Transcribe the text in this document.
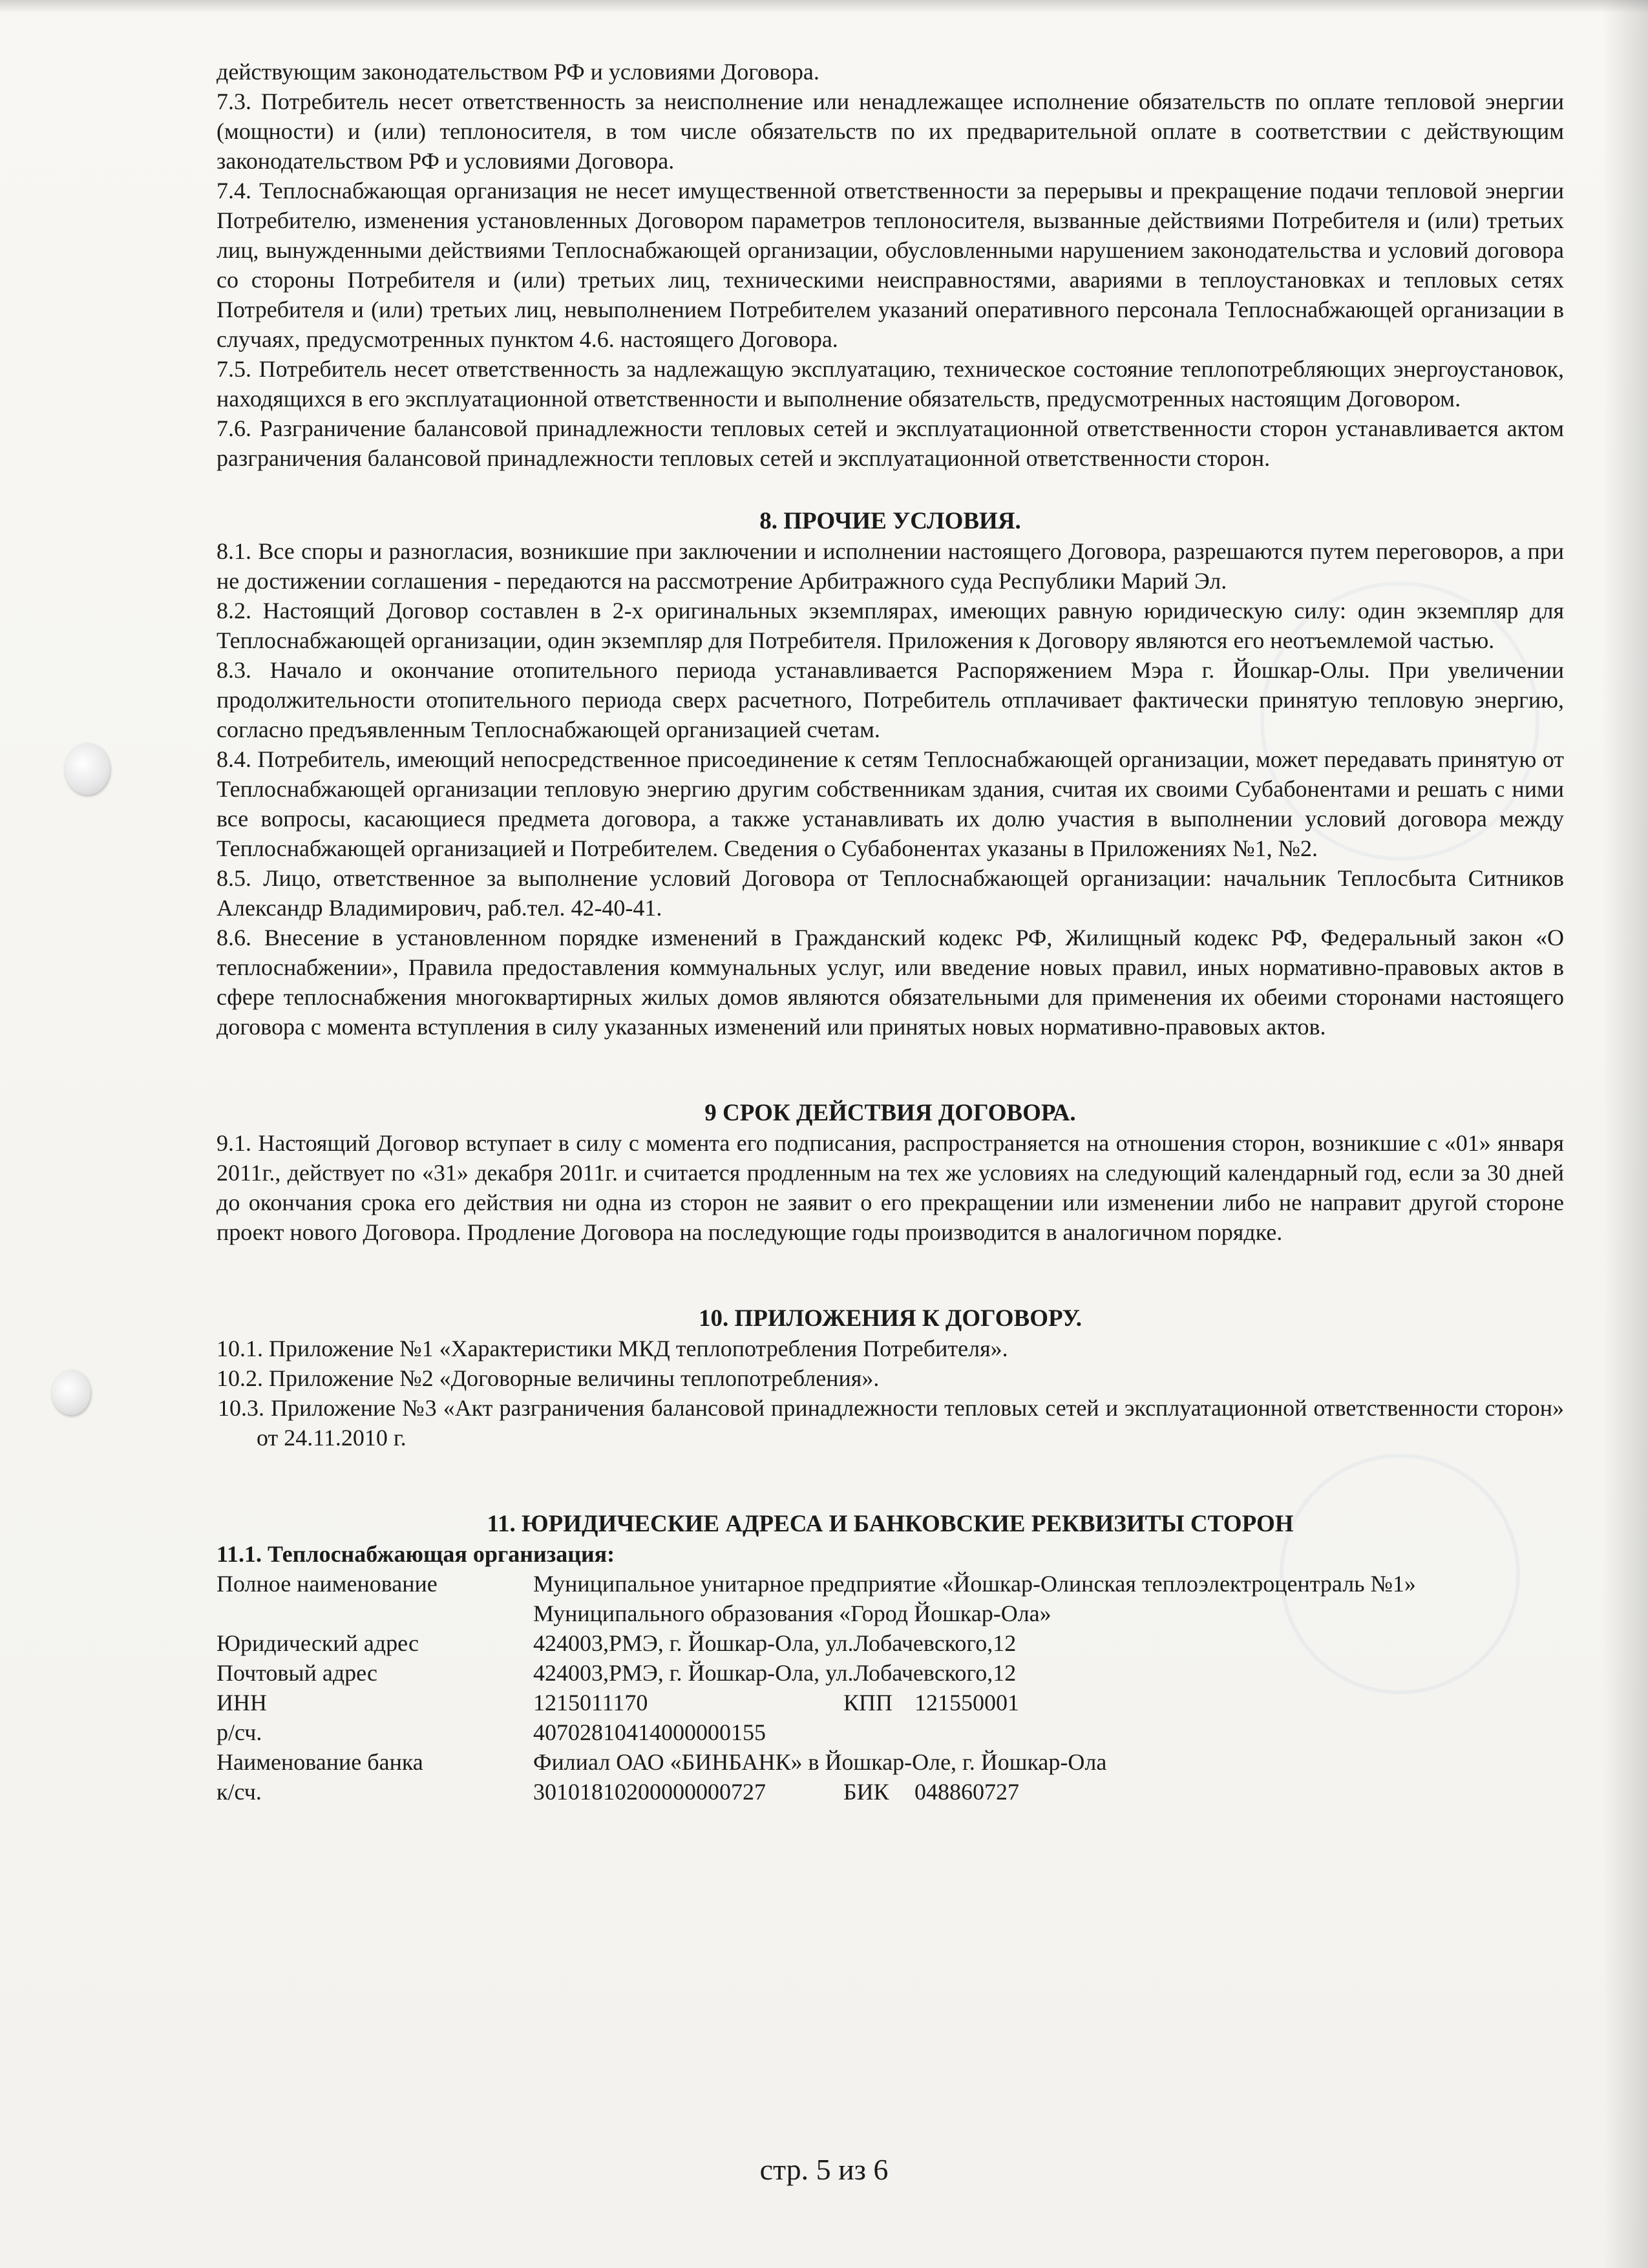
действующим законодательством РФ и условиями Договора.

7.3. Потребитель несет ответственность за неисполнение или ненадлежащее исполнение обязательств по оплате тепловой энергии (мощности) и (или) теплоносителя, в том числе обязательств по их предварительной оплате в соответствии с действующим законодательством РФ и условиями Договора.

7.4. Теплоснабжающая организация не несет имущественной ответственности за перерывы и прекращение подачи тепловой энергии Потребителю, изменения установленных Договором параметров теплоносителя, вызванные действиями Потребителя и (или) третьих лиц, вынужденными действиями Теплоснабжающей организации, обусловленными нарушением законодательства и условий договора со стороны Потребителя и (или) третьих лиц, техническими неисправностями, авариями в теплоустановках и тепловых сетях Потребителя и (или) третьих лиц, невыполнением Потребителем указаний оперативного персонала Теплоснабжающей организации в случаях, предусмотренных пунктом 4.6. настоящего Договора.

7.5. Потребитель несет ответственность за надлежащую эксплуатацию, техническое состояние теплопотребляющих энергоустановок, находящихся в его эксплуатационной ответственности и выполнение обязательств, предусмотренных настоящим Договором.

7.6. Разграничение балансовой принадлежности тепловых сетей и эксплуатационной ответственности сторон устанавливается актом разграничения балансовой принадлежности тепловых сетей и эксплуатационной ответственности сторон.

8. ПРОЧИЕ УСЛОВИЯ.

8.1. Все споры и разногласия, возникшие при заключении и исполнении настоящего Договора, разрешаются путем переговоров, а при не достижении соглашения - передаются на рассмотрение Арбитражного суда Республики Марий Эл.

8.2. Настоящий Договор составлен в 2-х оригинальных экземплярах, имеющих равную юридическую силу: один экземпляр для Теплоснабжающей организации, один экземпляр для Потребителя. Приложения к Договору являются его неотъемлемой частью.

8.3. Начало и окончание отопительного периода устанавливается Распоряжением Мэра г. Йошкар-Олы. При увеличении продолжительности отопительного периода сверх расчетного, Потребитель отплачивает фактически принятую тепловую энергию, согласно предъявленным Теплоснабжающей организацией счетам.

8.4. Потребитель, имеющий непосредственное присоединение к сетям Теплоснабжающей организации, может передавать принятую от Теплоснабжающей организации тепловую энергию другим собственникам здания, считая их своими Субабонентами и решать с ними все вопросы, касающиеся предмета договора, а также устанавливать их долю участия в выполнении условий договора между Теплоснабжающей организацией и Потребителем. Сведения о Субабонентах указаны в Приложениях №1, №2.

8.5. Лицо, ответственное за выполнение условий Договора от Теплоснабжающей организации: начальник Теплосбыта Ситников Александр Владимирович, раб.тел. 42-40-41.

8.6. Внесение в установленном порядке изменений в Гражданский кодекс РФ, Жилищный кодекс РФ, Федеральный закон «О теплоснабжении», Правила предоставления коммунальных услуг, или введение новых правил, иных нормативно-правовых актов в сфере теплоснабжения многоквартирных жилых домов являются обязательными для применения их обеими сторонами настоящего договора с момента вступления в силу указанных изменений или принятых новых нормативно-правовых актов.

9 СРОК ДЕЙСТВИЯ ДОГОВОРА.

9.1. Настоящий Договор вступает в силу с момента его подписания, распространяется на отношения сторон, возникшие с «01» января 2011г., действует по «31» декабря 2011г. и считается продленным на тех же условиях на следующий календарный год, если за 30 дней до окончания срока его действия ни одна из сторон не заявит о его прекращении или изменении либо не направит другой стороне проект нового Договора. Продление Договора на последующие годы производится в аналогичном порядке.

10. ПРИЛОЖЕНИЯ К ДОГОВОРУ.

10.1. Приложение №1 «Характеристики МКД теплопотребления Потребителя».

10.2. Приложение №2 «Договорные величины теплопотребления».

10.3. Приложение №3 «Акт разграничения балансовой принадлежности тепловых сетей и эксплуатационной ответственности сторон» от 24.11.2010 г.

11. ЮРИДИЧЕСКИЕ АДРЕСА И БАНКОВСКИЕ РЕКВИЗИТЫ СТОРОН

11.1. Теплоснабжающая организация:

Полное наименование	Муниципальное унитарное предприятие «Йошкар-Олинская теплоэлектроцентраль №1»
Муниципального образования «Город Йошкар-Ола»
Юридический адрес	424003,РМЭ, г. Йошкар-Ола, ул.Лобачевского,12
Почтовый адрес	424003,РМЭ, г. Йошкар-Ола, ул.Лобачевского,12
ИНН	1215011170	КПП 121550001
р/сч.	40702810414000000155
Наименование банка	Филиал ОАО «БИНБАНК» в Йошкар-Оле, г. Йошкар-Ола
к/сч.	30101810200000000727	БИК 048860727
стр. 5 из 6
